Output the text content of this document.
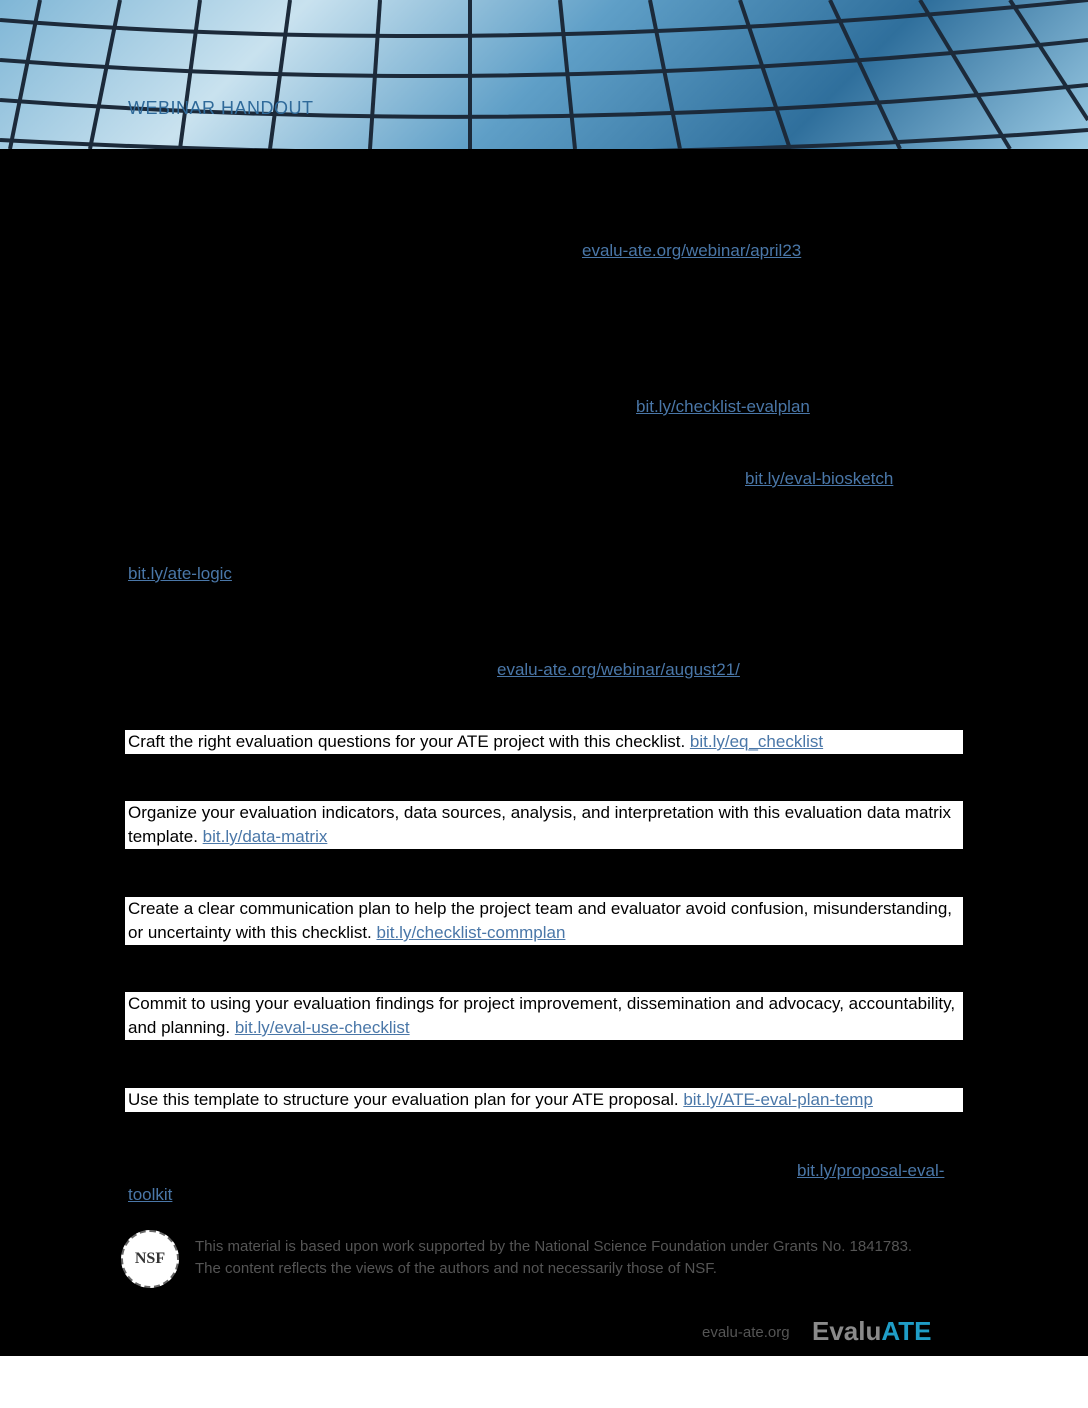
WEBINAR HANDOUT
evalu-ate.org/webinar/april23
bit.ly/checklist-evalplan
bit.ly/eval-biosketch
bit.ly/ate-logic
evalu-ate.org/webinar/august21/
Craft the right evaluation questions for your ATE project with this checklist. bit.ly/eq_checklist
Organize your evaluation indicators, data sources, analysis, and interpretation with this evaluation data matrix template. bit.ly/data-matrix
Create a clear communication plan to help the project team and evaluator avoid confusion, misunderstanding, or uncertainty with this checklist. bit.ly/checklist-commplan
Commit to using your evaluation findings for project improvement, dissemination and advocacy, accountability, and planning. bit.ly/eval-use-checklist
Use this template to structure your evaluation plan for your ATE proposal. bit.ly/ATE-eval-plan-temp
bit.ly/proposal-eval-
toolkit
NSF
This material is based upon work supported by the National Science Foundation under Grants No. 1841783. The content reflects the views of the authors and not necessarily those of NSF.
evalu-ate.org EvaluATE
